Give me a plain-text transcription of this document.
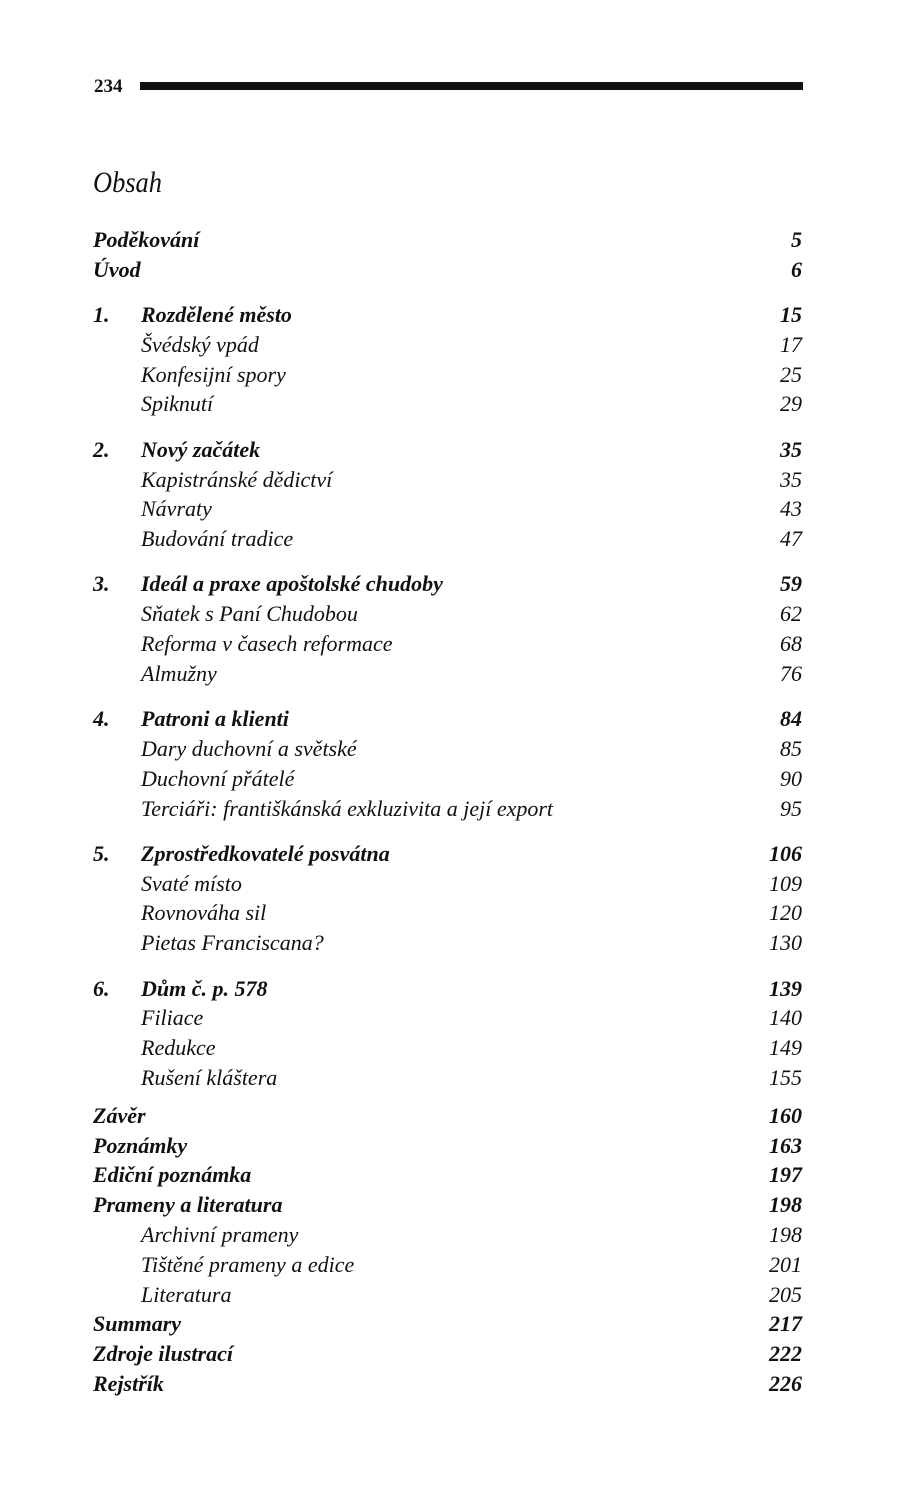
234
Obsah
Poděkování	5
Úvod	6
1. Rozdělené město	15
Švédský vpád	17
Konfesijní spory	25
Spiknutí	29
2. Nový začátek	35
Kapistránské dědictví	35
Návraty	43
Budování tradice	47
3. Ideál a praxe apoštolské chudoby	59
Sňatek s Paní Chudobou	62
Reforma v časech reformace	68
Almužny	76
4. Patroni a klienti	84
Dary duchovní a světské	85
Duchovní přátelé	90
Terciáři: františkánská exkluzivita a její export	95
5. Zprostředkovatelé posvátna	106
Svaté místo	109
Rovnováha sil	120
Pietas Franciscana?	130
6. Dům č. p. 578	139
Filiace	140
Redukce	149
Rušení kláštera	155
Závěr	160
Poznámky	163
Ediční poznámka	197
Prameny a literatura	198
Archivní prameny	198
Tištěné prameny a edice	201
Literatura	205
Summary	217
Zdroje ilustrací	222
Rejstřík	226
